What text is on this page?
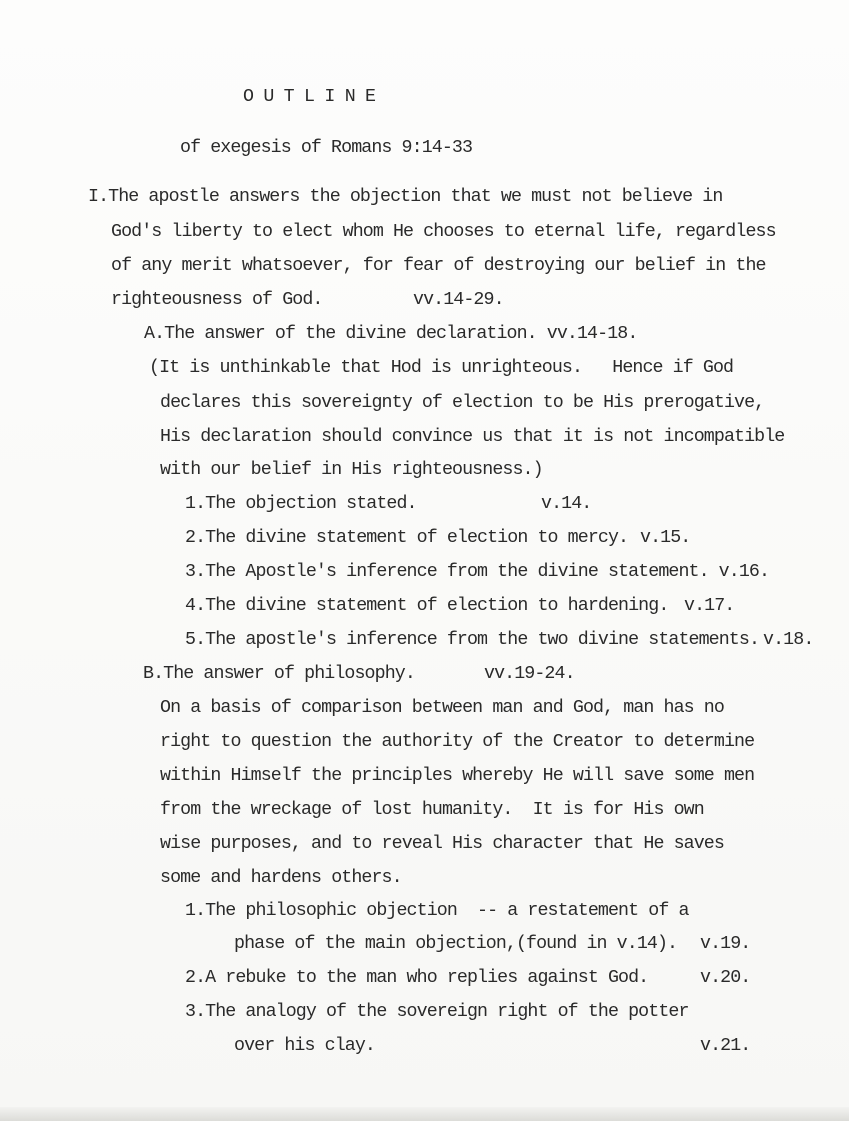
O U T L I N E
of exegesis of Romans 9:14-33
I.The apostle answers the objection that we must not believe in
God's liberty to elect whom He chooses to eternal life, regardless
of any merit whatsoever, for fear of destroying our belief in the
righteousness of God.	vv.14-29.
A.The answer of the divine declaration. vv.14-18.
(It is unthinkable that Hod is unrighteous.   Hence if God
declares this sovereignty of election to be His prerogative,
His declaration should convince us that it is not incompatible
with our belief in His righteousness.)
1.The objection stated.	v.14.
2.The divine statement of election to mercy. v.15.
3.The Apostle's inference from the divine statement. v.16.
4.The divine statement of election to hardening. v.17.
5.The apostle's inference from the two divine statements. v.18.
B.The answer of philosophy.	vv.19-24.
On a basis of comparison between man and God, man has no
right to question the authority of the Creator to determine
within Himself the principles whereby He will save some men
from the wreckage of lost humanity.  It is for His own
wise purposes, and to reveal His character that He saves
some and hardens others.
1.The philosophic objection  -- a restatement of a
phase of the main objection,(found in v.14).	v.19.
2.A rebuke to the man who replies against God.	v.20.
3.The analogy of the sovereign right of the potter
over his clay.	v.21.
